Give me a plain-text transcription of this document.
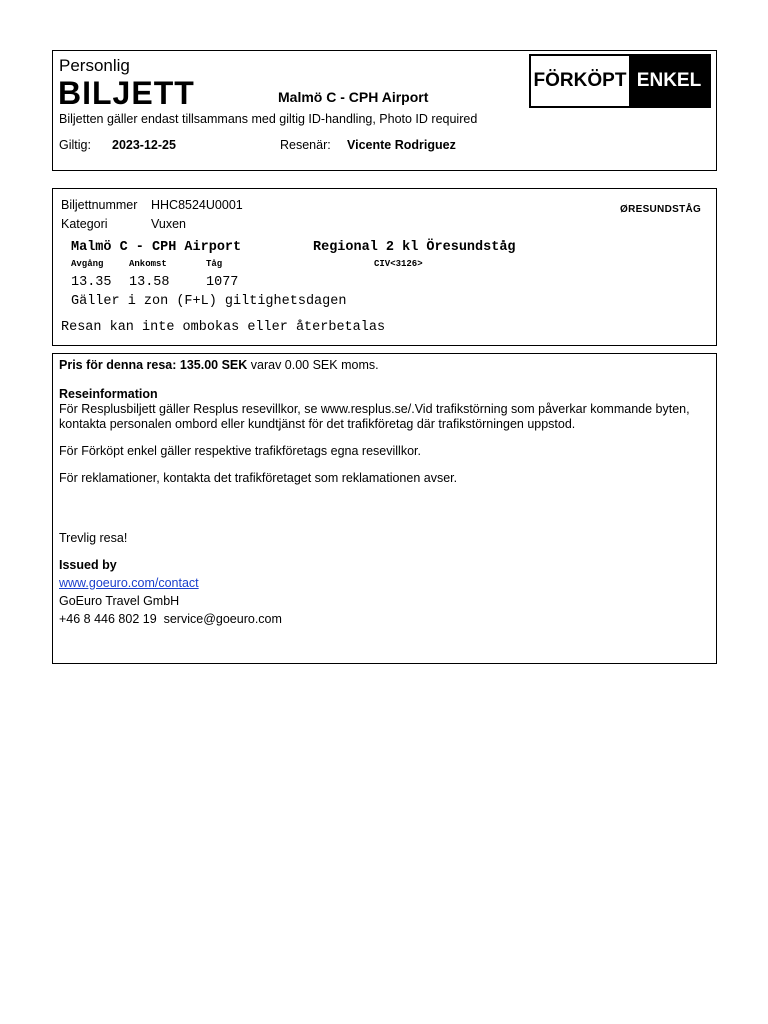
Personlig
BILJETT	Malmö C - CPH Airport
Biljetten gäller endast tillsammans med giltig ID-handling, Photo ID required
Giltig: 2023-12-25	Resenär: Vicente Rodriguez
FÖRKÖPT ENKEL
Biljettnummer HHC8524U0001
Kategori	Vuxen
ØRESUNDSTÅG
Malmö C - CPH Airport	Regional 2 kl Öresundståg
Avgång	Ankomst	Tåg	CIV<3126>
13.35 13.58	1077
Gäller i zon (F+L) giltighetsdagen
Resan kan inte ombokas eller återbetalas

Pris för denna resa: 135.00 SEK varav 0.00 SEK moms.

Reseinformation

För Resplusbiljett gäller Resplus resevillkor, se www.resplus.se/.Vid trafikstörning som påverkar kommande byten,

kontakta personalen ombord eller kundtjänst för det trafikföretag där trafikstörningen uppstod.

För Förköpt enkel gäller respektive trafikföretags egna resevillkor.

För reklamationer, kontakta det trafikföretaget som reklamationen avser.

Trevlig resa!

Issued by

www.goeuro.com/contact

GoEuro Travel GmbH

+46 8 446 802 19  service@goeuro.com
